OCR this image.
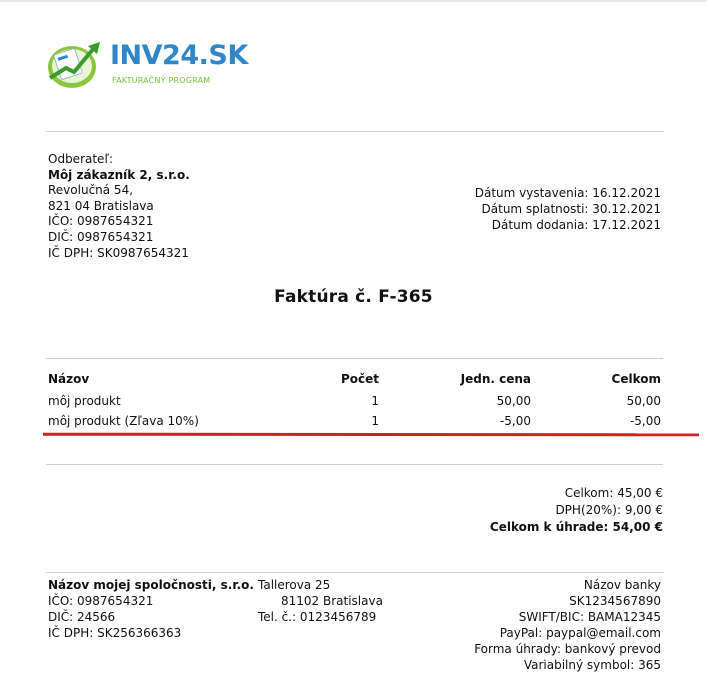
INV24.SK
FAKTURAČNÝ PROGRAM
Odberateľ:
Môj zákazník 2, s.r.o.
Revolučná 54,
821 04 Bratislava
IČO: 0987654321
DIČ: 0987654321
IČ DPH: SK0987654321
Dátum vystavenia: 16.12.2021
Dátum splatnosti: 30.12.2021
Dátum dodania: 17.12.2021
Faktúra č. F-365
Názov	Počet	Jedn. cena	Celkom
môj produkt	1	50,00	50,00
môj produkt (Zľava 10%)	1	-5,00	-5,00
Celkom: 45,00 €
DPH(20%): 9,00 €
Celkom k úhrade: 54,00 €
Názov mojej spoločnosti, s.r.o.
IČO: 0987654321
DIČ: 24566
IČ DPH: SK256366363
Tallerova 25
81102 Bratislava
Tel. č.: 0123456789
Názov banky
SK1234567890
SWIFT/BIC: BAMA12345
PayPal: paypal@email.com
Forma úhrady: bankový prevod
Variabilný symbol: 365
